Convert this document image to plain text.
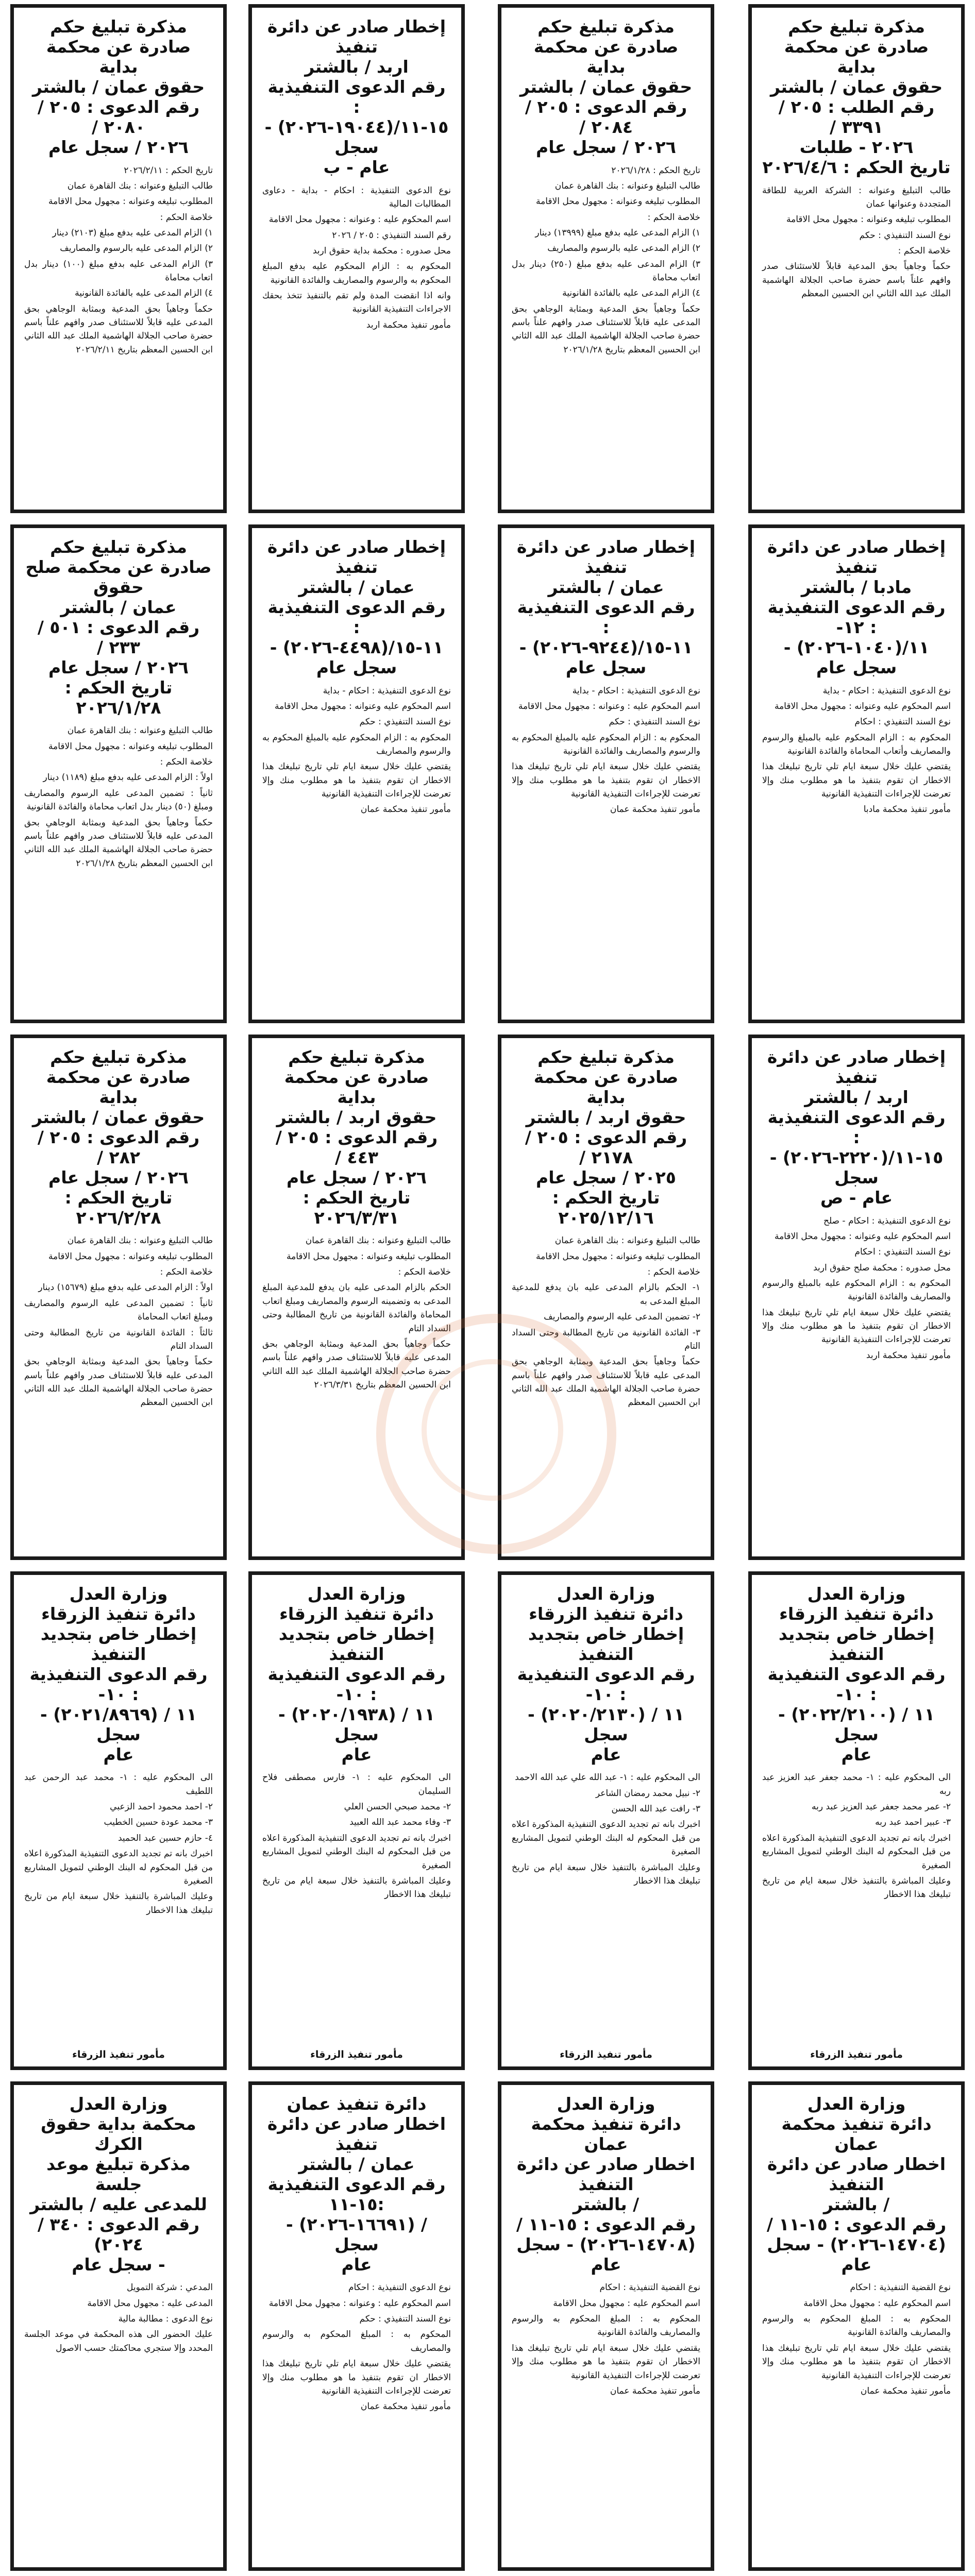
مذكرة تبليغ حكم
صادرة عن محكمة بداية
حقوق عمان / بالشتر
رقم الطلب : ٢٠٥ / ٣٣٩١ /
٢٠٢٦ - طلبات
تاريخ الحكم : ٢٠٢٦/٤/٦

طالب التبليغ وعنوانه : الشركة العربية للطاقة المتجددة وعنوانها عمان

المطلوب تبليغه وعنوانه : مجهول محل الاقامة

نوع السند التنفيذي : حكم

خلاصة الحكم :

حكماً وجاهياً بحق المدعية قابلاً للاستئناف صدر وافهم علناً باسم حضرة صاحب الجلالة الهاشمية الملك عبد الله الثاني ابن الحسين المعظم

مذكرة تبليغ حكم
صادرة عن محكمة بداية
حقوق عمان / بالشتر
رقم الدعوى : ٢٠٥ / ٢٠٨٤ /
٢٠٢٦ / سجل عام

تاريخ الحكم : ٢٠٢٦/١/٢٨

طالب التبليغ وعنوانه : بنك القاهرة عمان

المطلوب تبليغه وعنوانه : مجهول محل الاقامة

خلاصة الحكم :

١) الزام المدعى عليه بدفع مبلغ (١٣٩٩٩) دينار

٢) الزام المدعى عليه بالرسوم والمصاريف

٣) الزام المدعى عليه بدفع مبلغ (٢٥٠) دينار بدل اتعاب محاماة

٤) الزام المدعى عليه بالفائدة القانونية

حكماً وجاهياً بحق المدعية وبمثابة الوجاهي بحق المدعى عليه قابلاً للاستئناف صدر وافهم علناً باسم حضرة صاحب الجلالة الهاشمية الملك عبد الله الثاني ابن الحسين المعظم بتاريخ ٢٠٢٦/١/٢٨

إخطار صادر عن دائرة تنفيذ
اربد / بالشتر
رقم الدعوى التنفيذية :
١٥-١١/(١٩٠٤٤-٢٠٢٦) - سجل
عام - ب

نوع الدعوى التنفيذية : احكام - بداية - دعاوى المطالبات المالية

اسم المحكوم عليه : وعنوانه : مجهول محل الاقامة

رقم السند التنفيذي : ٢٠٥ / ٢٠٢٦

محل صدوره : محكمة بداية حقوق اربد

المحكوم به : الزام المحكوم عليه بدفع المبلغ المحكوم به والرسوم والمصاريف والفائدة القانونية

وانه اذا انقضت المدة ولم تقم بالتنفيذ تتخذ بحقك الاجراءات التنفيذية القانونية

مأمور تنفيذ محكمة اربد

مذكرة تبليغ حكم
صادرة عن محكمة بداية
حقوق عمان / بالشتر
رقم الدعوى : ٢٠٥ / ٢٠٨٠ /
٢٠٢٦ / سجل عام

تاريخ الحكم : ٢٠٢٦/٢/١١

طالب التبليغ وعنوانه : بنك القاهرة عمان

المطلوب تبليغه وعنوانه : مجهول محل الاقامة

خلاصة الحكم :

١) الزام المدعى عليه بدفع مبلغ (٢١٠٣) دينار

٢) الزام المدعى عليه بالرسوم والمصاريف

٣) الزام المدعى عليه بدفع مبلغ (١٠٠) دينار بدل اتعاب محاماة

٤) الزام المدعى عليه بالفائدة القانونية

حكماً وجاهياً بحق المدعية وبمثابة الوجاهي بحق المدعى عليه قابلاً للاستئناف صدر وافهم علناً باسم حضرة صاحب الجلالة الهاشمية الملك عبد الله الثاني ابن الحسين المعظم بتاريخ ٢٠٢٦/٢/١١

إخطار صادر عن دائرة تنفيذ
مادبا / بالشتر
رقم الدعوى التنفيذية : ١٢-
١١/(١٠٤٠-٢٠٢٦) - سجل عام

نوع الدعوى التنفيذية : احكام - بداية

اسم المحكوم عليه وعنوانه : مجهول محل الاقامة

نوع السند التنفيذي : احكام

المحكوم به : الزام المحكوم عليه بالمبلغ والرسوم والمصاريف وأتعاب المحاماة والفائدة القانونية

يقتضي عليك خلال سبعة ايام تلي تاريخ تبليغك هذا الاخطار ان تقوم بتنفيذ ما هو مطلوب منك وإلا تعرضت للإجراءات التنفيذية القانونية

مأمور تنفيذ محكمة مادبا

إخطار صادر عن دائرة تنفيذ
عمان / بالشتر
رقم الدعوى التنفيذية :
١١-١٥/(٩٢٤٤-٢٠٢٦) -
سجل عام

نوع الدعوى التنفيذية : احكام - بداية

اسم المحكوم عليه : وعنوانه : مجهول محل الاقامة

نوع السند التنفيذي : حكم

المحكوم به : الزام المحكوم عليه بالمبلغ المحكوم به والرسوم والمصاريف والفائدة القانونية

يقتضي عليك خلال سبعة ايام تلي تاريخ تبليغك هذا الاخطار ان تقوم بتنفيذ ما هو مطلوب منك وإلا تعرضت للإجراءات التنفيذية القانونية

مأمور تنفيذ محكمة عمان

إخطار صادر عن دائرة تنفيذ
عمان / بالشتر
رقم الدعوى التنفيذية :
١١-١٥/(٤٤٩٨-٢٠٢٦) -
سجل عام

نوع الدعوى التنفيذية : احكام - بداية

اسم المحكوم عليه وعنوانه : مجهول محل الاقامة

نوع السند التنفيذي : حكم

المحكوم به : الزام المحكوم عليه بالمبلغ المحكوم به والرسوم والمصاريف

يقتضي عليك خلال سبعة ايام تلي تاريخ تبليغك هذا الاخطار ان تقوم بتنفيذ ما هو مطلوب منك وإلا تعرضت للإجراءات التنفيذية القانونية

مأمور تنفيذ محكمة عمان

مذكرة تبليغ حكم
صادرة عن محكمة صلح حقوق
عمان / بالشتر
رقم الدعوى : ٥٠١ / ٢٣٣ /
٢٠٢٦ / سجل عام
تاريخ الحكم : ٢٠٢٦/١/٢٨

طالب التبليغ وعنوانه : بنك القاهرة عمان

المطلوب تبليغه وعنوانه : مجهول محل الاقامة

خلاصة الحكم :

اولاً : الزام المدعى عليه بدفع مبلغ (١١٨٩) دينار

ثانياً : تضمين المدعى عليه الرسوم والمصاريف ومبلغ (٥٠) دينار بدل اتعاب محاماة والفائدة القانونية

حكماً وجاهياً بحق المدعية وبمثابة الوجاهي بحق المدعى عليه قابلاً للاستئناف صدر وافهم علناً باسم حضرة صاحب الجلالة الهاشمية الملك عبد الله الثاني ابن الحسين المعظم بتاريخ ٢٠٢٦/١/٢٨

إخطار صادر عن دائرة تنفيذ
اربد / بالشتر
رقم الدعوى التنفيذية :
١٥-١١/(٢٢٢٠-٢٠٢٦) - سجل
عام - ص

نوع الدعوى التنفيذية : احكام - صلح

اسم المحكوم عليه وعنوانه : مجهول محل الاقامة

نوع السند التنفيذي : احكام

محل صدوره : محكمة صلح حقوق اربد

المحكوم به : الزام المحكوم عليه بالمبلغ والرسوم والمصاريف والفائدة القانونية

يقتضي عليك خلال سبعة ايام تلي تاريخ تبليغك هذا الاخطار ان تقوم بتنفيذ ما هو مطلوب منك وإلا تعرضت للإجراءات التنفيذية القانونية

مأمور تنفيذ محكمة اربد

مذكرة تبليغ حكم
صادرة عن محكمة بداية
حقوق اربد / بالشتر
رقم الدعوى : ٢٠٥ / ٢١٧٨ /
٢٠٢٥ / سجل عام
تاريخ الحكم : ٢٠٢٥/١٢/١٦

طالب التبليغ وعنوانه : بنك القاهرة عمان

المطلوب تبليغه وعنوانه : مجهول محل الاقامة

خلاصة الحكم :

١- الحكم بالزام المدعى عليه بان يدفع للمدعية المبلغ المدعى به

٢- تضمين المدعى عليه الرسوم والمصاريف

٣- الفائدة القانونية من تاريخ المطالبة وحتى السداد التام

حكماً وجاهياً بحق المدعية وبمثابة الوجاهي بحق المدعى عليه قابلاً للاستئناف صدر وافهم علناً باسم حضرة صاحب الجلالة الهاشمية الملك عبد الله الثاني ابن الحسين المعظم

مذكرة تبليغ حكم
صادرة عن محكمة بداية
حقوق اربد / بالشتر
رقم الدعوى : ٢٠٥ / ٤٤٣ /
٢٠٢٦ / سجل عام
تاريخ الحكم : ٢٠٢٦/٣/٣١

طالب التبليغ وعنوانه : بنك القاهرة عمان

المطلوب تبليغه وعنوانه : مجهول محل الاقامة

خلاصة الحكم :

الحكم بالزام المدعى عليه بان يدفع للمدعية المبلغ المدعى به وتضمينه الرسوم والمصاريف ومبلغ اتعاب المحاماة والفائدة القانونية من تاريخ المطالبة وحتى السداد التام

حكماً وجاهياً بحق المدعية وبمثابة الوجاهي بحق المدعى عليه قابلاً للاستئناف صدر وافهم علناً باسم حضرة صاحب الجلالة الهاشمية الملك عبد الله الثاني ابن الحسين المعظم بتاريخ ٢٠٢٦/٣/٣١

مذكرة تبليغ حكم
صادرة عن محكمة بداية
حقوق عمان / بالشتر
رقم الدعوى : ٢٠٥ / ٢٨٢ /
٢٠٢٦ / سجل عام
تاريخ الحكم : ٢٠٢٦/٢/٢٨

طالب التبليغ وعنوانه : بنك القاهرة عمان

المطلوب تبليغه وعنوانه : مجهول محل الاقامة

خلاصة الحكم :

اولاً : الزام المدعى عليه بدفع مبلغ (١٥٦٧٩) دينار

ثانياً : تضمين المدعى عليه الرسوم والمصاريف ومبلغ اتعاب المحاماة

ثالثاً : الفائدة القانونية من تاريخ المطالبة وحتى السداد التام

حكماً وجاهياً بحق المدعية وبمثابة الوجاهي بحق المدعى عليه قابلاً للاستئناف صدر وافهم علناً باسم حضرة صاحب الجلالة الهاشمية الملك عبد الله الثاني ابن الحسين المعظم

وزارة العدل
دائرة تنفيذ الزرقاء
إخطار خاص بتجديد التنفيذ
رقم الدعوى التنفيذية : ١٠-
١١ / (٢٠٢٢/٢١٠٠) - سجل
عام

الى المحكوم عليه : ١- محمد جعفر عبد العزيز عبد ربه

٢- عمر محمد جعفر عبد العزيز عبد ربه

٣- عبير احمد عبد ربه

اخبرك بانه تم تجديد الدعوى التنفيذية المذكورة اعلاه من قبل المحكوم له البنك الوطني لتمويل المشاريع الصغيرة

وعليك المباشرة بالتنفيذ خلال سبعة ايام من تاريخ تبليغك هذا الاخطار

مأمور تنفيذ الزرقاء
وزارة العدل
دائرة تنفيذ الزرقاء
إخطار خاص بتجديد التنفيذ
رقم الدعوى التنفيذية : ١٠-
١١ / (٢٠٢٠/٢١٣٠) - سجل
عام

الى المحكوم عليه : ١- عبد الله علي عبد الله الاحمد

٢- نبيل محمد رمضان الشاعر

٣- رافت عبد الله الحسن

اخبرك بانه تم تجديد الدعوى التنفيذية المذكورة اعلاه من قبل المحكوم له البنك الوطني لتمويل المشاريع الصغيرة

وعليك المباشرة بالتنفيذ خلال سبعة ايام من تاريخ تبليغك هذا الاخطار

مأمور تنفيذ الزرقاء
وزارة العدل
دائرة تنفيذ الزرقاء
إخطار خاص بتجديد التنفيذ
رقم الدعوى التنفيذية : ١٠-
١١ / (٢٠٢٠/١٩٣٨) - سجل
عام

الى المحكوم عليه : ١- فارس مصطفى فلاح السليمان

٢- محمد صبحي الحسن العلي

٣- وفاء محمد عبد الله العبيد

اخبرك بانه تم تجديد الدعوى التنفيذية المذكورة اعلاه من قبل المحكوم له البنك الوطني لتمويل المشاريع الصغيرة

وعليك المباشرة بالتنفيذ خلال سبعة ايام من تاريخ تبليغك هذا الاخطار

مأمور تنفيذ الزرقاء
وزارة العدل
دائرة تنفيذ الزرقاء
إخطار خاص بتجديد التنفيذ
رقم الدعوى التنفيذية : ١٠-
١١ / (٢٠٢١/٨٩٦٩) - سجل
عام

الى المحكوم عليه : ١- محمد عبد الرحمن عبد اللطيف

٢- احمد محمود احمد الزعبي

٣- محمد عودة حسين الخطيب

٤- حازم حسين عبد الحميد

اخبرك بانه تم تجديد الدعوى التنفيذية المذكورة اعلاه من قبل المحكوم له البنك الوطني لتمويل المشاريع الصغيرة

وعليك المباشرة بالتنفيذ خلال سبعة ايام من تاريخ تبليغك هذا الاخطار

مأمور تنفيذ الزرقاء
وزارة العدل
دائرة تنفيذ محكمة عمان
اخطار صادر عن دائرة التنفيذ
/ بالشتر
رقم الدعوى : ١٥-١١ /
(١٤٧٠٤-٢٠٢٦) - سجل عام

نوع القضية التنفيذية : احكام

اسم المحكوم عليه : مجهول محل الاقامة

المحكوم به : المبلغ المحكوم به والرسوم والمصاريف والفائدة القانونية

يقتضي عليك خلال سبعة ايام تلي تاريخ تبليغك هذا الاخطار ان تقوم بتنفيذ ما هو مطلوب منك وإلا تعرضت للإجراءات التنفيذية القانونية

مأمور تنفيذ محكمة عمان

وزارة العدل
دائرة تنفيذ محكمة عمان
اخطار صادر عن دائرة التنفيذ
/ بالشتر
رقم الدعوى : ١٥-١١ /
(١٤٧٠٨-٢٠٢٦) - سجل عام

نوع القضية التنفيذية : احكام

اسم المحكوم عليه : مجهول محل الاقامة

المحكوم به : المبلغ المحكوم به والرسوم والمصاريف والفائدة القانونية

يقتضي عليك خلال سبعة ايام تلي تاريخ تبليغك هذا الاخطار ان تقوم بتنفيذ ما هو مطلوب منك وإلا تعرضت للإجراءات التنفيذية القانونية

مأمور تنفيذ محكمة عمان

دائرة تنفيذ عمان
اخطار صادر عن دائرة تنفيذ
عمان / بالشتر
رقم الدعوى التنفيذية :١٥-١١
/ (١٦٦٩١-٢٠٢٦) - سجل
عام

نوع الدعوى التنفيذية : احكام

اسم المحكوم عليه : وعنوانه : مجهول محل الاقامة

نوع السند التنفيذي : حكم

المحكوم به : المبلغ المحكوم به والرسوم والمصاريف

يقتضي عليك خلال سبعة ايام تلي تاريخ تبليغك هذا الاخطار ان تقوم بتنفيذ ما هو مطلوب منك وإلا تعرضت للإجراءات التنفيذية القانونية

مأمور تنفيذ محكمة عمان

وزارة العدل
محكمة بداية حقوق الكرك
مذكرة تبليغ موعد جلسة
للمدعى عليه / بالشتر
رقم الدعوى : ٣٤٠ /٢٠٢٤)
- سجل عام

المدعي : شركة التمويل

المدعى عليه : مجهول محل الاقامة

نوع الدعوى : مطالبة مالية

عليك الحضور الى هذه المحكمة في موعد الجلسة المحدد وإلا ستجري محاكمتك حسب الاصول
